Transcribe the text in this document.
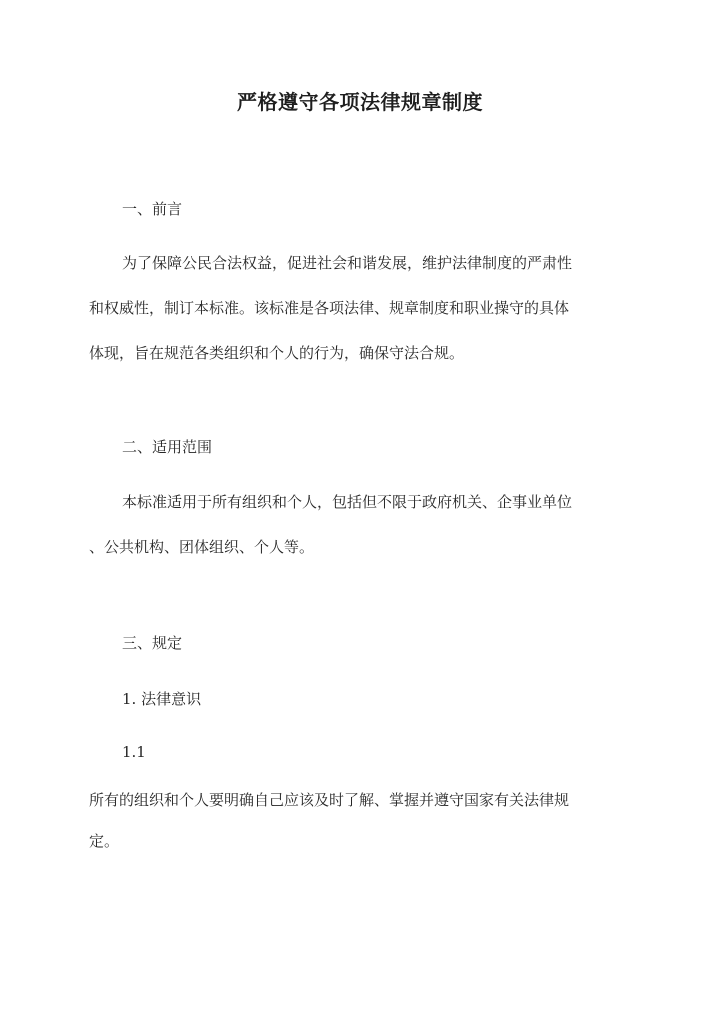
严格遵守各项法律规章制度
一、前言
为了保障公民合法权益，促进社会和谐发展，维护法律制度的严肃性
和权威性，制订本标准。该标准是各项法律、规章制度和职业操守的具体
体现，旨在规范各类组织和个人的行为，确保守法合规。
二、适用范围
本标准适用于所有组织和个人，包括但不限于政府机关、企事业单位
、公共机构、团体组织、个人等。
三、规定
1. 法律意识
1.1
所有的组织和个人要明确自己应该及时了解、掌握并遵守国家有关法律规
定。
